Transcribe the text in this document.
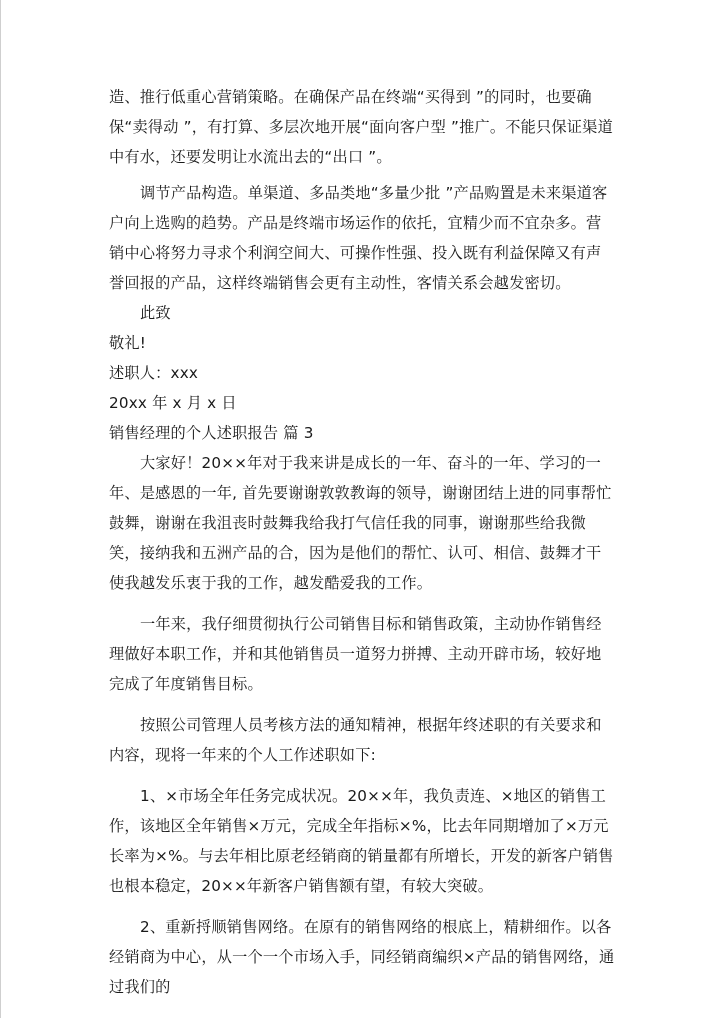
造、推行低重心营销策略。在确保产品在终端“买得到 ”的同时，也要确保“卖得动 ”，有打算、多层次地开展“面向客户型 ”推广。不能只保证渠道中有水，还要发明让水流出去的“出口 ”。

调节产品构造。单渠道、多品类地“多量少批 ”产品购置是未来渠道客户向上选购的趋势。产品是终端市场运作的依托，宜精少而不宜杂多。营销中心将努力寻求个利润空间大、可操作性强、投入既有利益保障又有声誉回报的产品，这样终端销售会更有主动性，客情关系会越发密切。

此致

敬礼!

述职人：xxx

20xx 年 x 月 x 日

销售经理的个人述职报告 篇 3

大家好！20××年对于我来讲是成长的一年、奋斗的一年、学习的一年、是感恩的一年, 首先要谢谢敦敦教诲的领导，谢谢团结上进的同事帮忙鼓舞，谢谢在我沮丧时鼓舞我给我打气信任我的同事，谢谢那些给我微笑，接纳我和五洲产品的合，因为是他们的帮忙、认可、相信、鼓舞才干使我越发乐衷于我的工作，越发酷爱我的工作。

一年来，我仔细贯彻执行公司销售目标和销售政策，主动协作销售经理做好本职工作，并和其他销售员一道努力拼搏、主动开辟市场，较好地完成了年度销售目标。

按照公司管理人员考核方法的通知精神，根据年终述职的有关要求和内容，现将一年来的个人工作述职如下:

1、×市场全年任务完成状况。20××年，我负责连、×地区的销售工作，该地区全年销售×万元，完成全年指标×%，比去年同期增加了×万元长率为×%。与去年相比原老经销商的销量都有所增长，开发的新客户销售也根本稳定，20××年新客户销售额有望，有较大突破。

2、重新捋顺销售网络。在原有的销售网络的根底上，精耕细作。以各经销商为中心，从一个一个市场入手，同经销商编织×产品的销售网络，通过我们的
